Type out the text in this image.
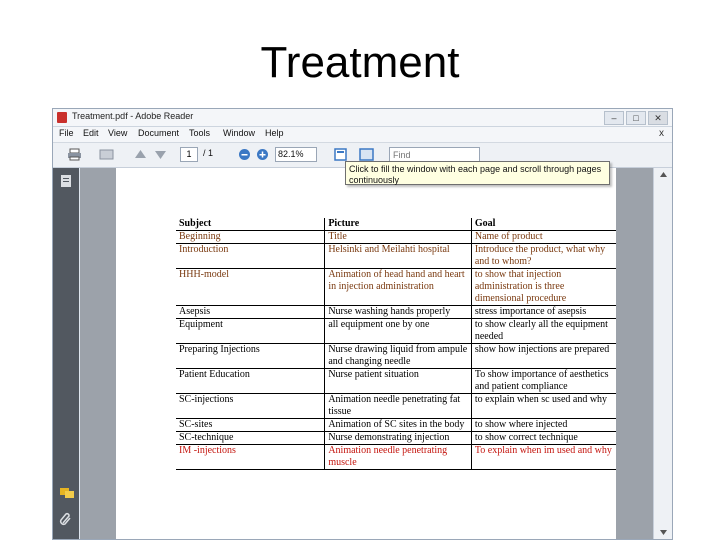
Treatment
Treatment.pdf - Adobe Reader	–	□	✕
File Edit View Document Tools Window Help	x
1	/ 1	82.1%
Find
Click to fill the window with each page and scroll through pages continuously
Subject	Picture	Goal
Beginning	Title	Name of product
Introduction	Helsinki and Meilahti hospital	Introduce the product, what why and to whom?
HHH-model	Animation of head hand and heart in injection administration	to show that injection administration is three dimensional procedure
Asepsis	Nurse washing hands properly	stress importance of asepsis
Equipment	all equipment one by one	to show clearly all the equipment needed
Preparing Injections	Nurse drawing liquid from ampule and changing needle	show how injections are prepared
Patient Education	Nurse patient situation	To show importance of aesthetics and patient compliance
SC-injections	Animation needle penetrating fat tissue	to explain when sc used and why
SC-sites	Animation of SC sites in the body	to show where injected
SC-technique	Nurse demonstrating injection	to show correct technique
IM -injections	Animation needle penetrating muscle	To explain when im used and why
